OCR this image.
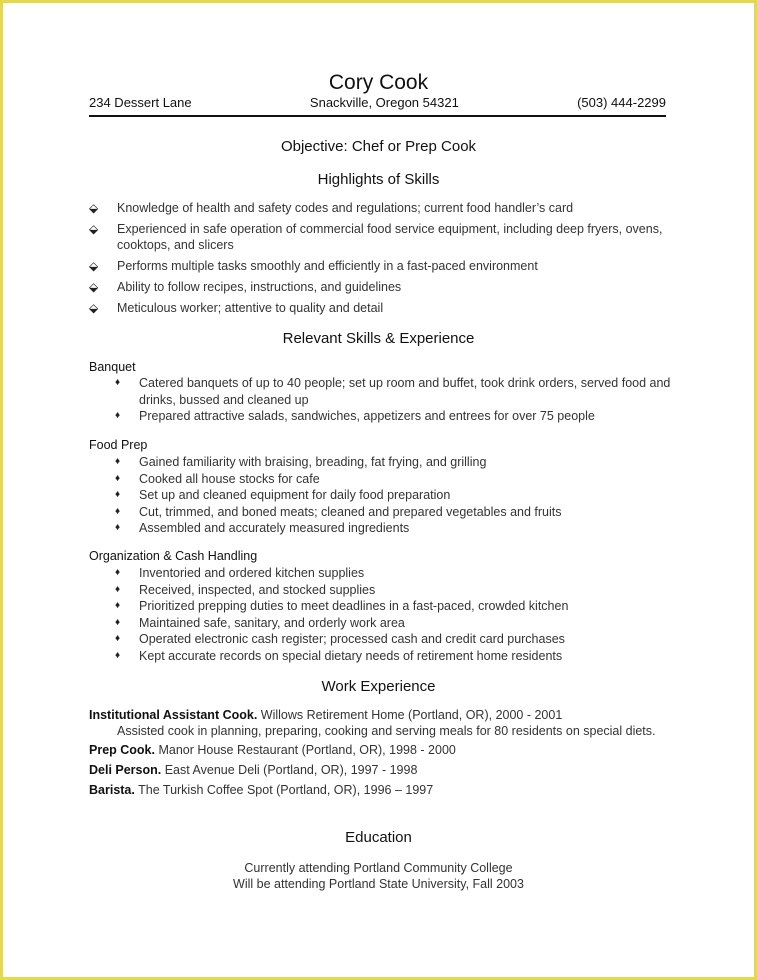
Cory Cook
234 Dessert Lane	Snackville, Oregon 54321	(503) 444-2299
Objective: Chef or Prep Cook
Highlights of Skills
⬙	Knowledge of health and safety codes and regulations; current food handler’s card
⬙	Experienced in safe operation of commercial food service equipment, including deep fryers, ovens, cooktops, and slicers
⬙	Performs multiple tasks smoothly and efficiently in a fast-paced environment
⬙	Ability to follow recipes, instructions, and guidelines
⬙	Meticulous worker; attentive to quality and detail
Relevant Skills & Experience
Banquet
♦	Catered banquets of up to 40 people; set up room and buffet, took drink orders, served food and drinks, bussed and cleaned up
♦	Prepared attractive salads, sandwiches, appetizers and entrees for over 75 people
Food Prep
♦	Gained familiarity with braising, breading, fat frying, and grilling
♦	Cooked all house stocks for cafe
♦	Set up and cleaned equipment for daily food preparation
♦	Cut, trimmed, and boned meats; cleaned and prepared vegetables and fruits
♦	Assembled and accurately measured ingredients
Organization & Cash Handling
♦	Inventoried and ordered kitchen supplies
♦	Received, inspected, and stocked supplies
♦	Prioritized prepping duties to meet deadlines in a fast-paced, crowded kitchen
♦	Maintained safe, sanitary, and orderly work area
♦	Operated electronic cash register; processed cash and credit card purchases
♦	Kept accurate records on special dietary needs of retirement home residents
Work Experience
Institutional Assistant Cook. Willows Retirement Home (Portland, OR), 2000 - 2001
Assisted cook in planning, preparing, cooking and serving meals for 80 residents on special diets.
Prep Cook. Manor House Restaurant (Portland, OR), 1998 - 2000
Deli Person. East Avenue Deli (Portland, OR), 1997 - 1998
Barista. The Turkish Coffee Spot (Portland, OR), 1996 – 1997
Education
Currently attending Portland Community College
Will be attending Portland State University, Fall 2003
